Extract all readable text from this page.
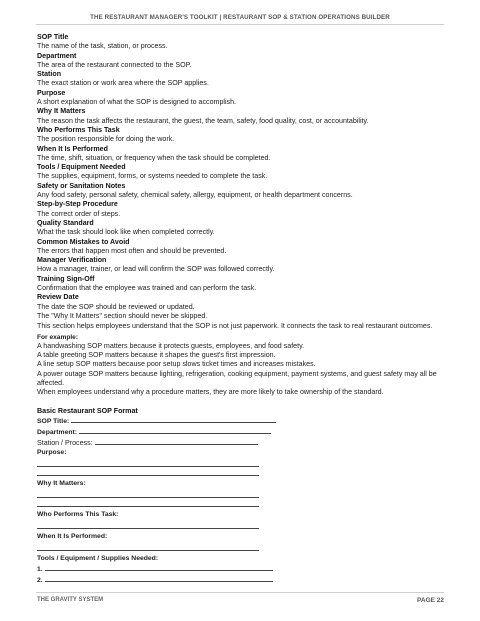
THE RESTAURANT MANAGER'S TOOLKIT | RESTAURANT SOP & STATION OPERATIONS BUILDER
SOP Title
The name of the task, station, or process.
Department
The area of the restaurant connected to the SOP.
Station
The exact station or work area where the SOP applies.
Purpose
A short explanation of what the SOP is designed to accomplish.
Why It Matters
The reason the task affects the restaurant, the guest, the team, safety, food quality, cost, or accountability.
Who Performs This Task
The position responsible for doing the work.
When It Is Performed
The time, shift, situation, or frequency when the task should be completed.
Tools / Equipment Needed
The supplies, equipment, forms, or systems needed to complete the task.
Safety or Sanitation Notes
Any food safety, personal safety, chemical safety, allergy, equipment, or health department concerns.
Step-by-Step Procedure
The correct order of steps.
Quality Standard
What the task should look like when completed correctly.
Common Mistakes to Avoid
The errors that happen most often and should be prevented.
Manager Verification
How a manager, trainer, or lead will confirm the SOP was followed correctly.
Training Sign-Off
Confirmation that the employee was trained and can perform the task.
Review Date
The date the SOP should be reviewed or updated.
The "Why It Matters" section should never be skipped.
This section helps employees understand that the SOP is not just paperwork. It connects the task to real restaurant outcomes.
For example:
A handwashing SOP matters because it protects guests, employees, and food safety.
A table greeting SOP matters because it shapes the guest's first impression.
A line setup SOP matters because poor setup slows ticket times and increases mistakes.
A power outage SOP matters because lighting, refrigeration, cooking equipment, payment systems, and guest safety may all be affected.
When employees understand why a procedure matters, they are more likely to take ownership of the standard.
Basic Restaurant SOP Format
SOP Title:
Department:
Station / Process:
Purpose:
Why It Matters:
Who Performs This Task:
When It Is Performed:
Tools / Equipment / Supplies Needed:
1.
2.
THE GRAVITY SYSTEM	PAGE 22
